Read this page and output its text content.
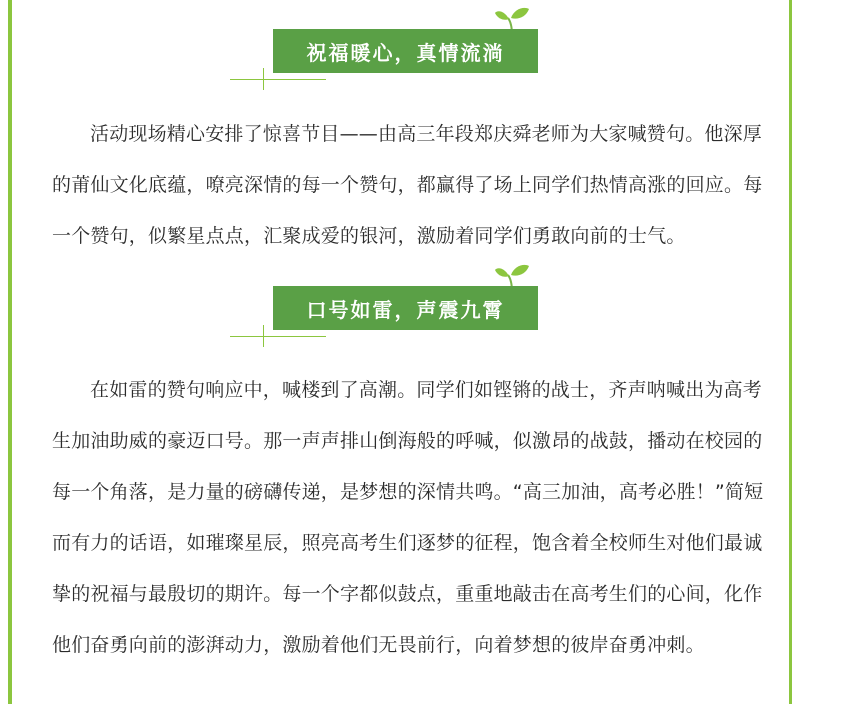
祝福暖心，真情流淌

活动现场精心安排了惊喜节目——由高三年段郑庆舜老师为大家喊赞句。他深厚的莆仙文化底蕴，嘹亮深情的每一个赞句，都赢得了场上同学们热情高涨的回应。每一个赞句，似繁星点点，汇聚成爱的银河，激励着同学们勇敢向前的士气。

口号如雷，声震九霄

在如雷的赞句响应中，喊楼到了高潮。同学们如铿锵的战士，齐声呐喊出为高考生加油助威的豪迈口号。那一声声排山倒海般的呼喊，似激昂的战鼓，播动在校园的每一个角落，是力量的磅礴传递，是梦想的深情共鸣。“高三加油，高考必胜！”简短而有力的话语，如璀璨星辰，照亮高考生们逐梦的征程，饱含着全校师生对他们最诚挚的祝福与最殷切的期许。每一个字都似鼓点，重重地敲击在高考生们的心间，化作他们奋勇向前的澎湃动力，激励着他们无畏前行，向着梦想的彼岸奋勇冲刺。
